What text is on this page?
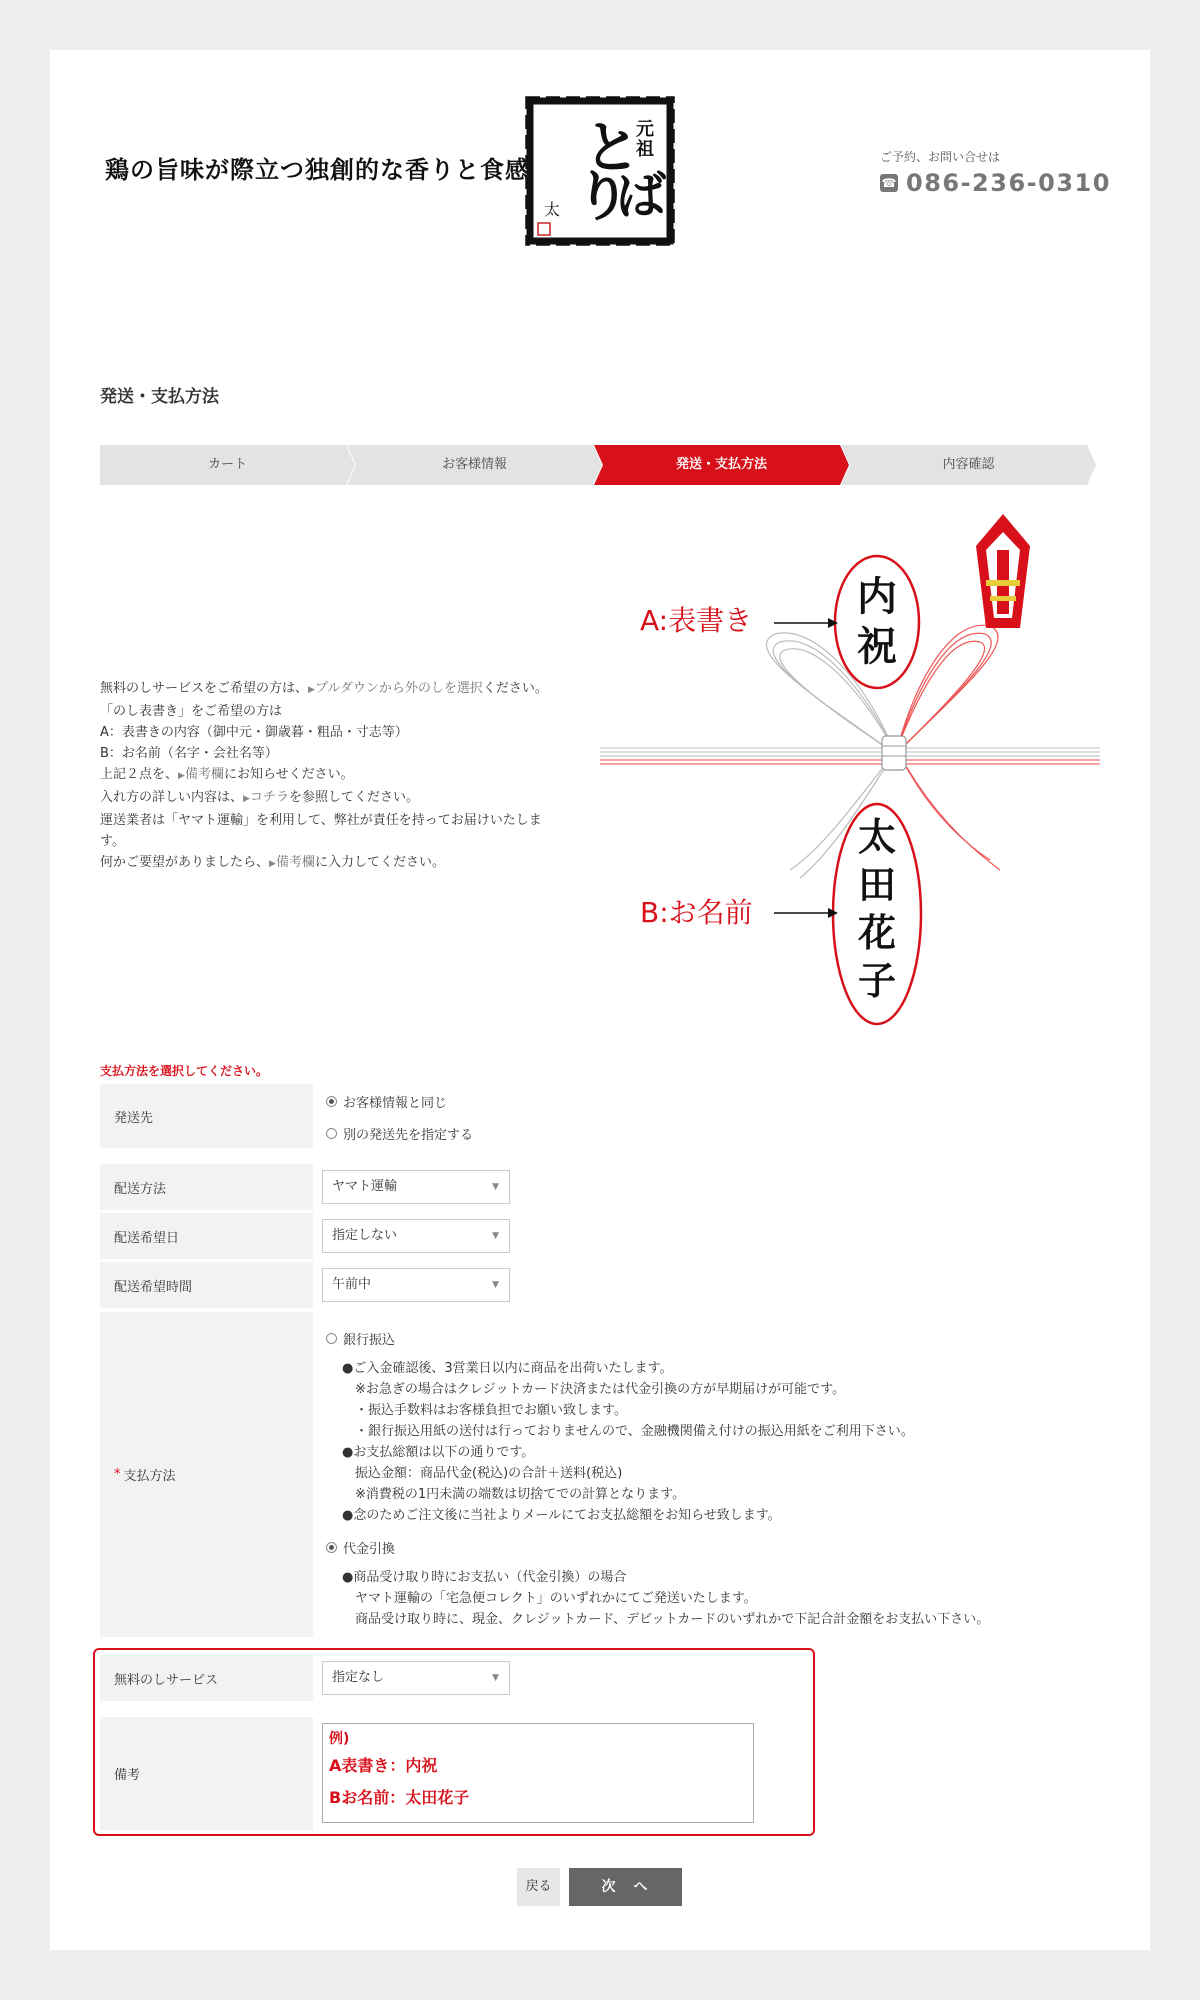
鶏の旨味が際立つ独創的な香りと食感 と
り
ば
元
祖
太
ご予約、お問い合せは
☎ 086-236-0310
発送・支払方法
カート	お客様情報	発送・支払方法	内容確認

無料のしサービスをご希望の方は、▶プルダウンから外のしを選択ください。

「のし表書き」をご希望の方は

A：表書きの内容（御中元・御歳暮・粗品・寸志等）

B：お名前（名字・会社名等）

上記２点を、▶備考欄にお知らせください。

入れ方の詳しい内容は、▶コチラを参照してください。

運送業者は「ヤマト運輸」を利用して、弊社が責任を持ってお届けいたしま

す。

何かご要望がありましたら、▶備考欄に入力してください。

内
祝
太
田
花
子
A:表書き
B:お名前
支払方法を選択してください。
発送先
お客様情報と同じ
別の発送先を指定する
配送方法	ヤマト運輸	▼
配送希望日	指定しない	▼
配送希望時間	午前中	▼
* 支払方法
銀行振込

●ご入金確認後、3営業日以内に商品を出荷いたします。

　※お急ぎの場合はクレジットカード決済または代金引換の方が早期届けが可能です。

　・振込手数料はお客様負担でお願い致します。

　・銀行振込用紙の送付は行っておりませんので、金融機関備え付けの振込用紙をご利用下さい。

●お支払総額は以下の通りです。

　振込金額：商品代金(税込)の合計＋送料(税込)

　※消費税の1円未満の端数は切捨てでの計算となります。

●念のためご注文後に当社よりメールにてお支払総額をお知らせ致します。

代金引換

●商品受け取り時にお支払い（代金引換）の場合

　ヤマト運輸の「宅急便コレクト」のいずれかにてご発送いたします。

　商品受け取り時に、現金、クレジットカード、デビットカードのいずれかで下記合計金額をお支払い下さい。

無料のしサービス	指定なし	▼
備考

例)

A表書き：内祝

Bお名前：太田花子

戻る	次　へ
